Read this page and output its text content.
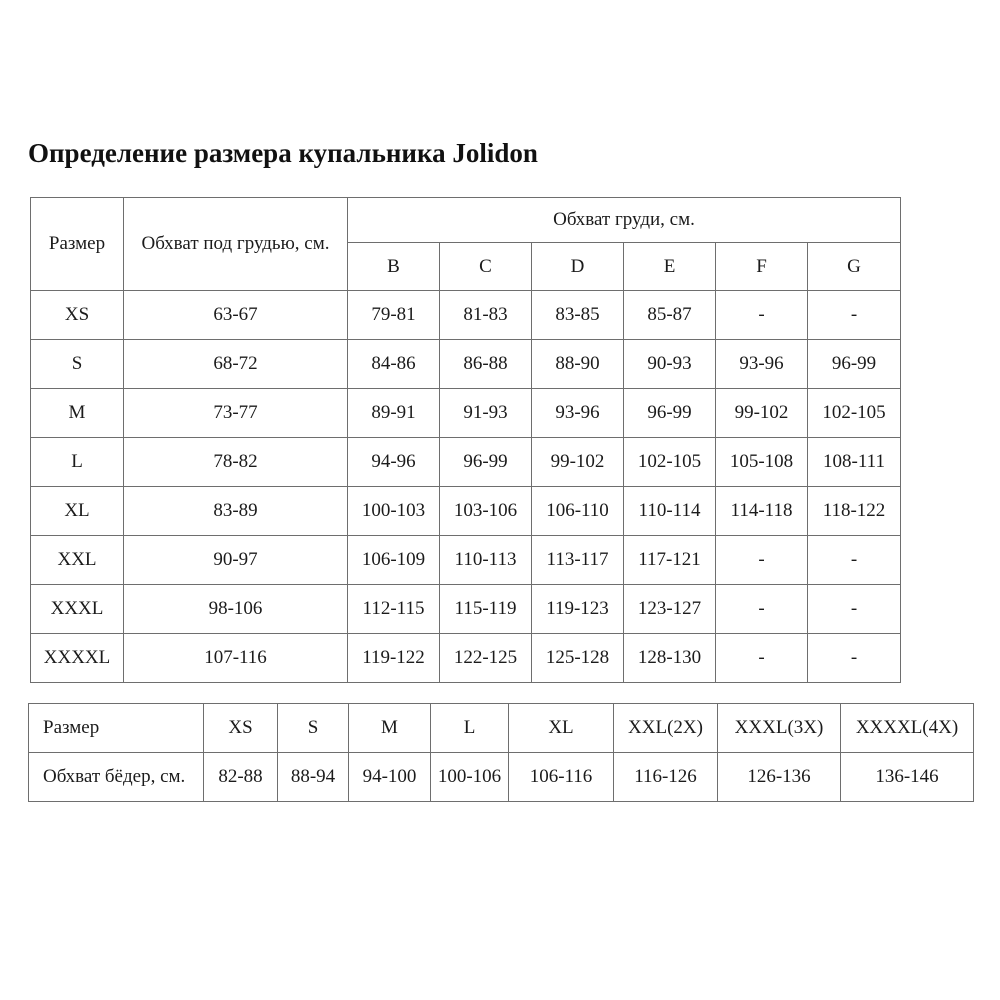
Определение размера купальника Jolidon
Размер	Обхват под грудью, см.	Обхват груди, см.					
		B	C	D	E	F	G
XS	63-67	79-81	81-83	83-85	85-87	-	-
S	68-72	84-86	86-88	88-90	90-93	93-96	96-99
M	73-77	89-91	91-93	93-96	96-99	99-102	102-105
L	78-82	94-96	96-99	99-102	102-105	105-108	108-111
XL	83-89	100-103	103-106	106-110	110-114	114-118	118-122
XXL	90-97	106-109	110-113	113-117	117-121	-	-
XXXL	98-106	112-115	115-119	119-123	123-127	-	-
XXXXL	107-116	119-122	122-125	125-128	128-130	-	-
Размер	XS	S	M	L	XL	XXL(2X)	XXXL(3X)	XXXXL(4X)
Обхват бёдер, см.	82-88	88-94	94-100	100-106	106-116	116-126	126-136	136-146
